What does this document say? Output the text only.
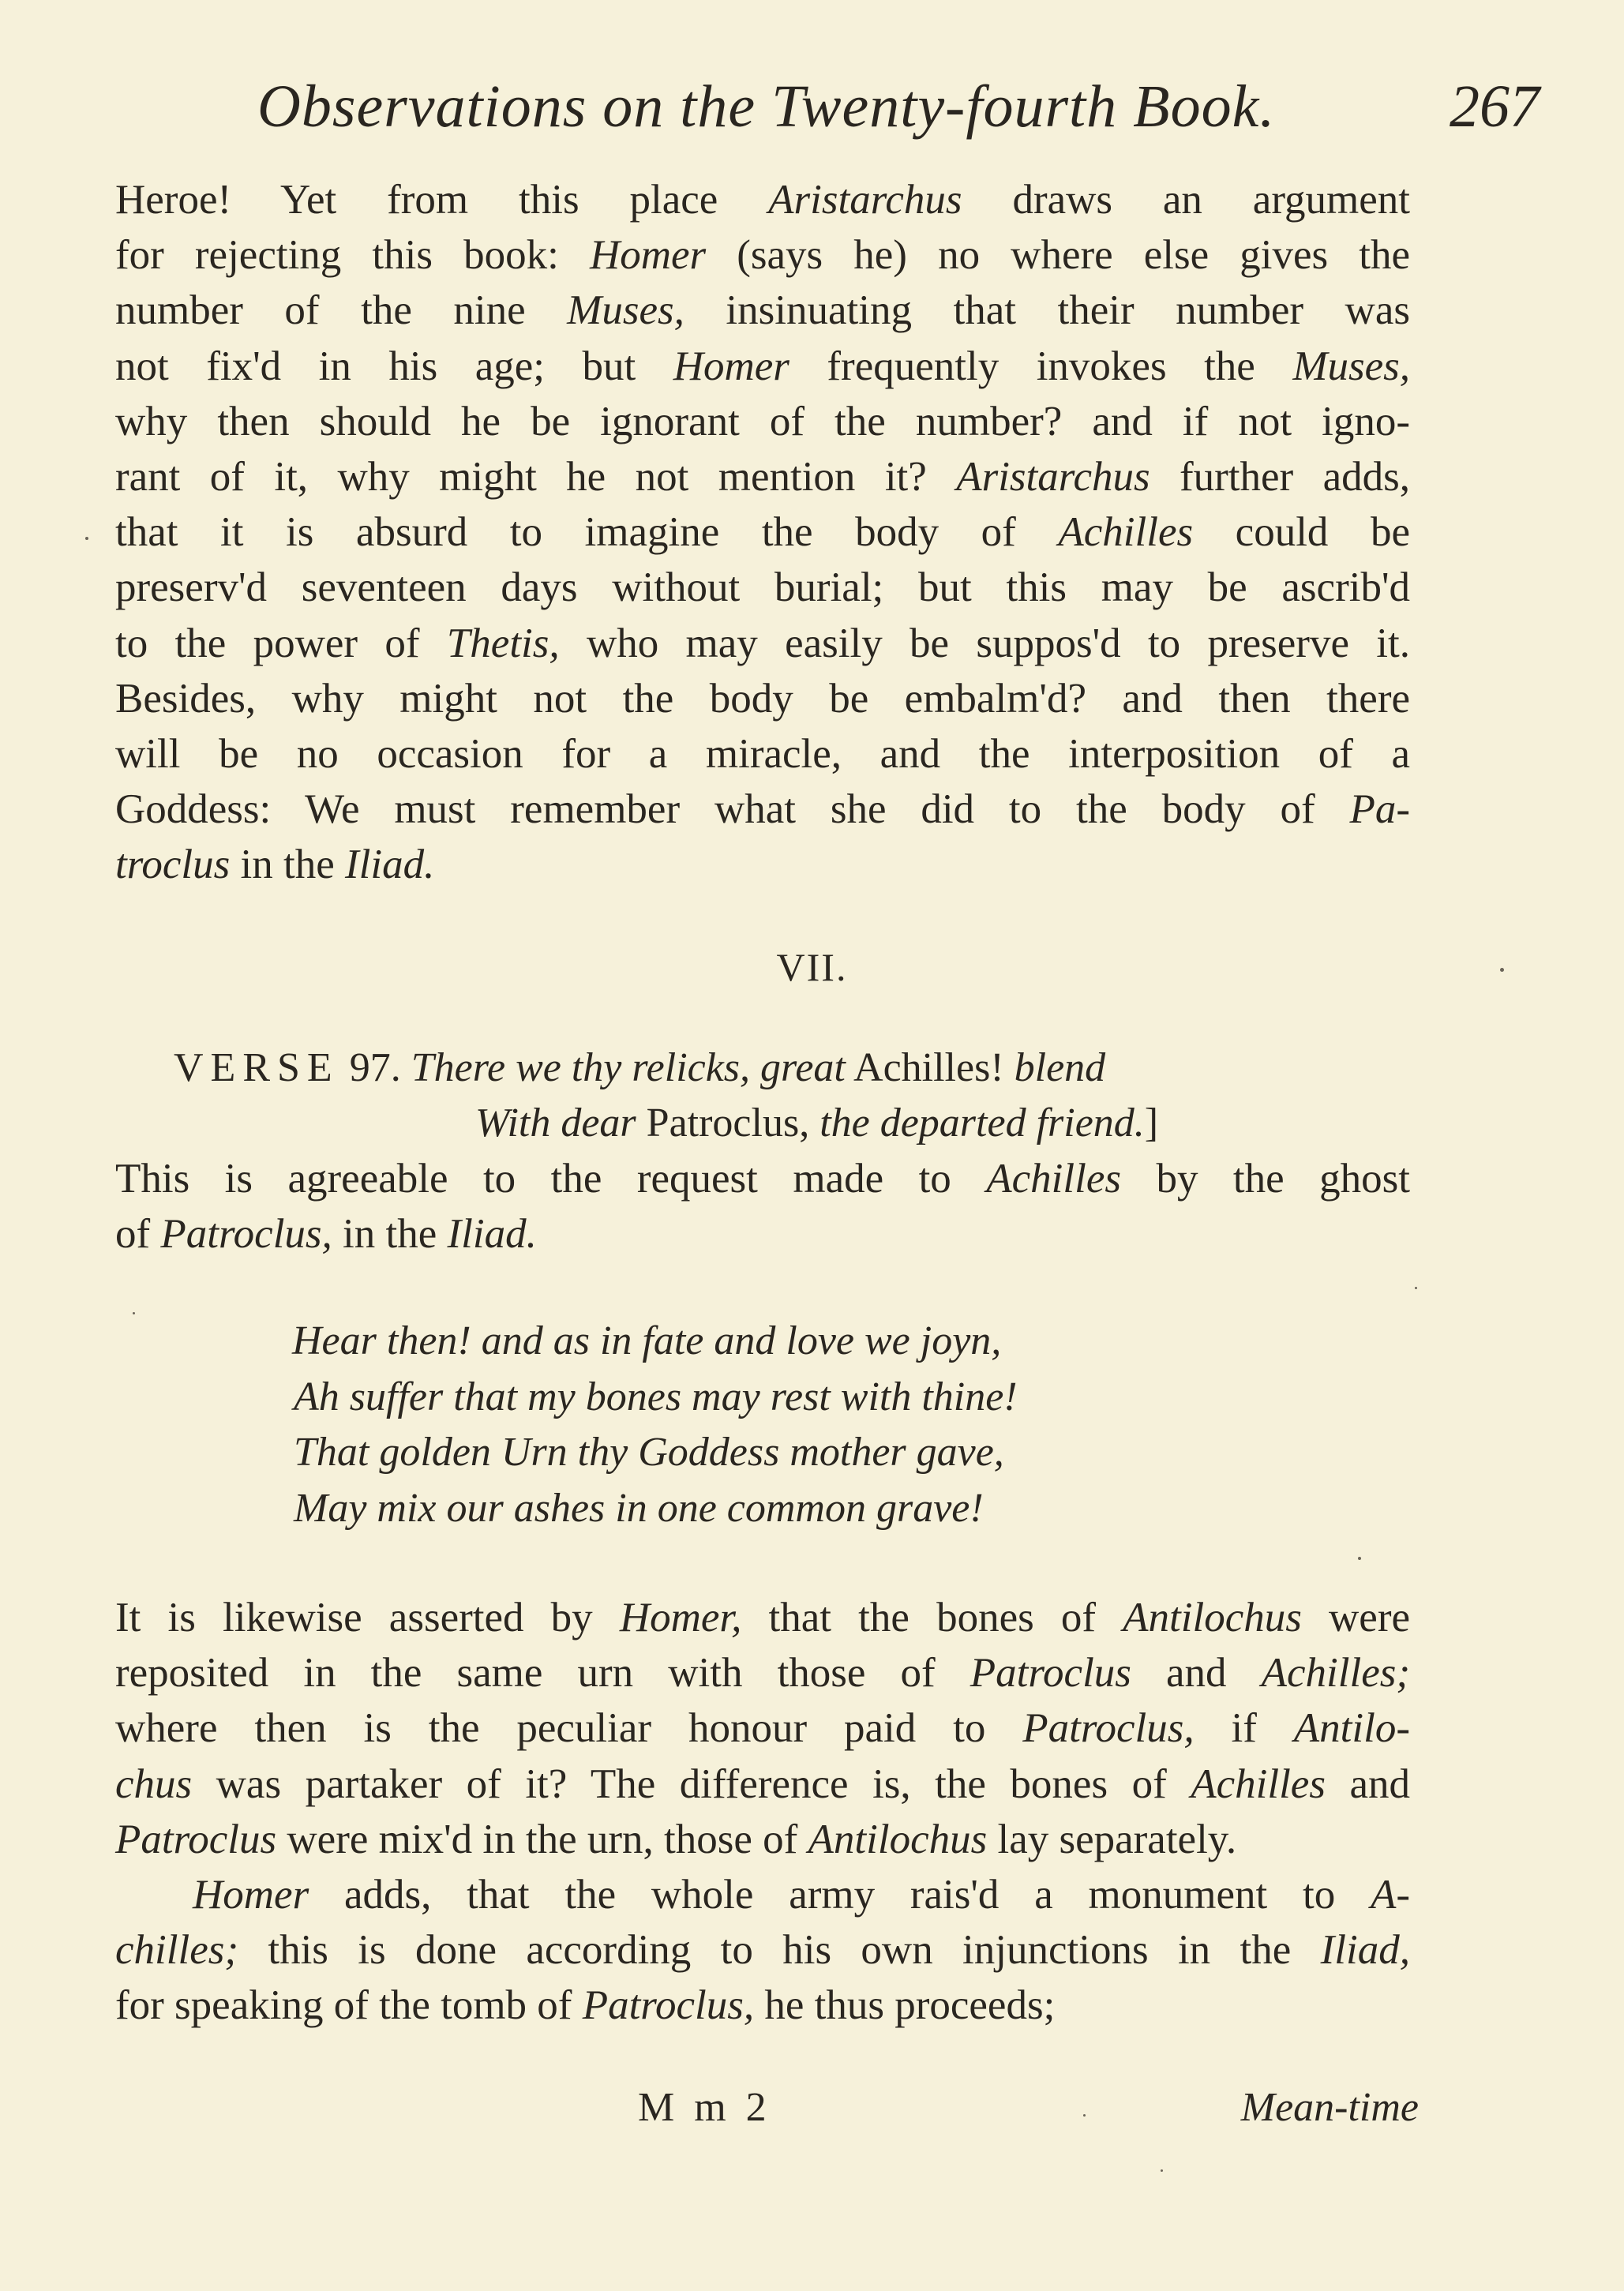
Observations on the Twenty-fourth Book.	267
Heroe! Yet from this place Aristarchus draws an argument
for rejecting this book: Homer (says he) no where else gives the
number of the nine Muses, insinuating that their number was
not fix'd in his age; but Homer frequently invokes the Muses,
why then should he be ignorant of the number? and if not igno-
rant of it, why might he not mention it? Aristarchus further adds,
that it is absurd to imagine the body of Achilles could be
preserv'd seventeen days without burial; but this may be ascrib'd
to the power of Thetis, who may easily be suppos'd to preserve it.
Besides, why might not the body be embalm'd? and then there
will be no occasion for a miracle, and the interposition of a
Goddess: We must remember what she did to the body of Pa-
troclus in the Iliad.
VII.
VERSE 97. There we thy relicks, great Achilles! blend
With dear Patroclus, the departed friend.]
This is agreeable to the request made to Achilles by the ghost
of Patroclus, in the Iliad.
Hear then! and as in fate and love we joyn,
Ah suffer that my bones may rest with thine!
That golden Urn thy Goddess mother gave,
May mix our ashes in one common grave!
It is likewise asserted by Homer, that the bones of Antilochus were
reposited in the same urn with those of Patroclus and Achilles;
where then is the peculiar honour paid to Patroclus, if Antilo-
chus was partaker of it? The difference is, the bones of Achilles and
Patroclus were mix'd in the urn, those of Antilochus lay separately.
Homer adds, that the whole army rais'd a monument to A-
chilles; this is done according to his own injunctions in the Iliad,
for speaking of the tomb of Patroclus, he thus proceeds;
M m 2	Mean-time
